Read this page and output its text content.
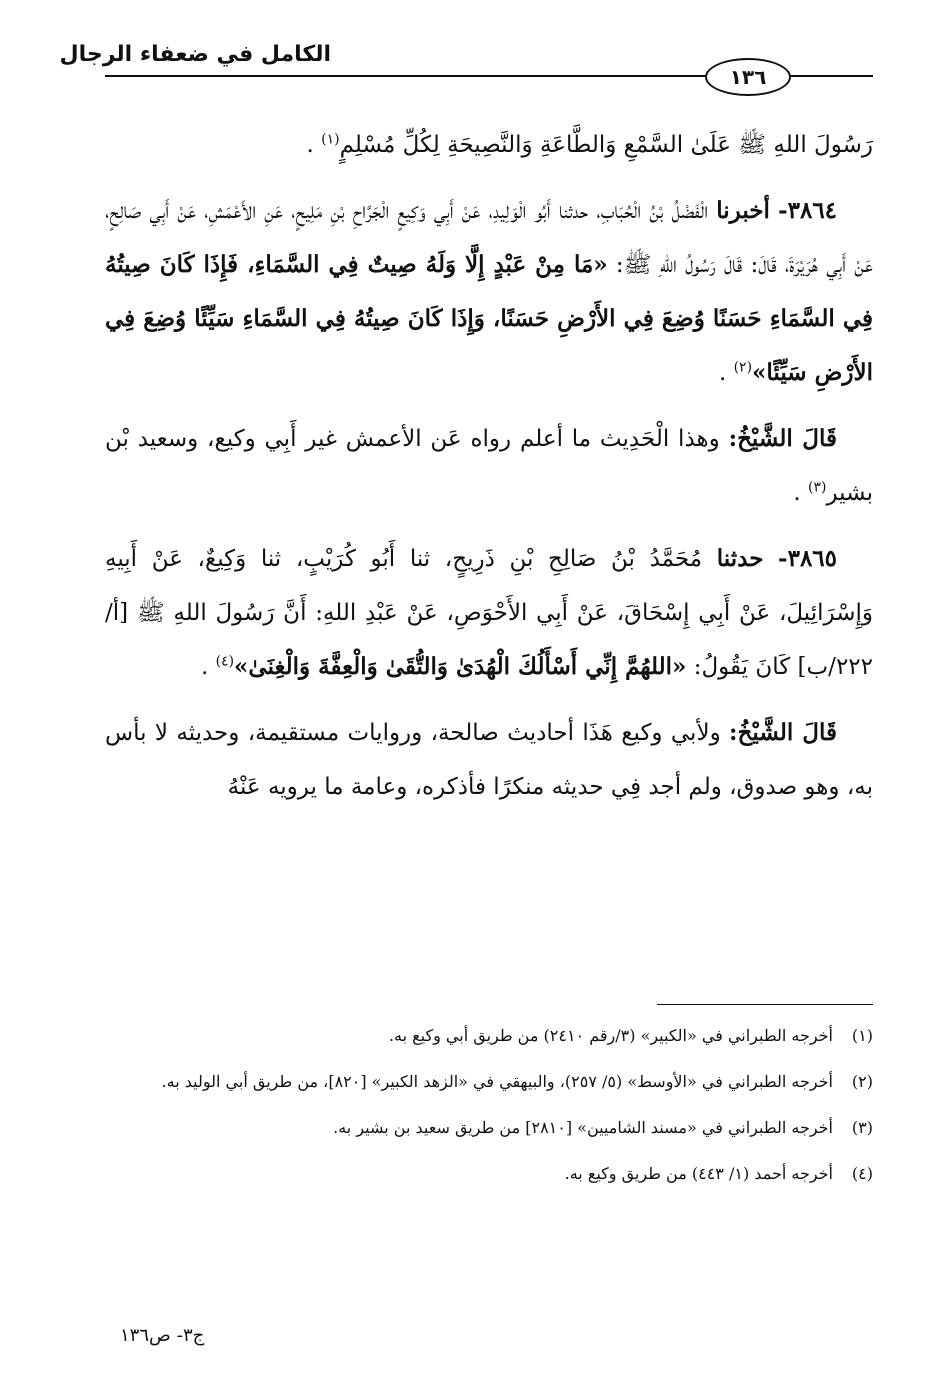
الكامل في ضعفاء الرجال
١٣٦

رَسُولَ اللهِ ﷺ عَلَىٰ السَّمْعِ وَالطَّاعَةِ وَالنَّصِيحَةِ لِكُلِّ مُسْلِمٍ$^{(١)}$ .

٣٨٦٤- أخبرنا الْفَضْلُ بْنُ الْحُبَابِ، حدثنا أَبُو الْوَلِيدِ، عَنْ أَبِي وَكِيعٍ الْجَرَّاحِ بْنِ مَلِيحٍ، عَنِ الأَعْمَشِ، عَنْ أَبِي صَالِحٍ، عَنْ أَبِي هُرَيْرَةَ، قَالَ: قَالَ رَسُولُ اللهِ ﷺ: «مَا مِنْ عَبْدٍ إِلَّا وَلَهُ صِيتٌ فِي السَّمَاءِ، فَإِذَا كَانَ صِيتُهُ فِي السَّمَاءِ حَسَنًا وُضِعَ فِي الأَرْضِ حَسَنًا، وَإِذَا كَانَ صِيتُهُ فِي السَّمَاءِ سَيِّئًا وُضِعَ فِي الأَرْضِ سَيِّئًا»$^{(٢)}$ .

قَالَ الشَّيْخُ: وهذا الْحَدِيث ما أعلم رواه عَن الأعمش غير أَبِي وكيع، وسعيد بْن بشير$^{(٣)}$ .

٣٨٦٥- حدثنا مُحَمَّدُ بْنُ صَالِحِ بْنِ ذَرِيحٍ، ثنا أَبُو كُرَيْبٍ، ثنا وَكِيعٌ، عَنْ أَبِيهِ وَإِسْرَائِيلَ، عَنْ أَبِي إِسْحَاقَ، عَنْ أَبِي الأَحْوَصِ، عَنْ عَبْدِ اللهِ: أَنَّ رَسُولَ اللهِ ﷺ [أ/٢٢٢/ب] كَانَ يَقُولُ: «اللهُمَّ إِنِّي أَسْأَلُكَ الْهُدَىٰ وَالتُّقَىٰ وَالْعِفَّةَ وَالْغِنَىٰ»$^{(٤)}$ .

قَالَ الشَّيْخُ: ولأبي وكيع هَذَا أحاديث صالحة، وروايات مستقيمة، وحديثه لا بأس به، وهو صدوق، ولم أجد فِي حديثه منكرًا فأذكره، وعامة ما يرويه عَنْهُ

(١)
أخرجه الطبراني في «الكبير» (٣/رقم ٢٤١٠) من طريق أبي وكيع به.
(٢)
أخرجه الطبراني في «الأوسط» (٥/ ٢٥٧)، والبيهقي في «الزهد الكبير» [٨٢٠]، من طريق أبي الوليد به.
(٣)
أخرجه الطبراني في «مسند الشاميين» [٢٨١٠] من طريق سعيد بن بشير به.
(٤)
أخرجه أحمد (١/ ٤٤٣) من طريق وكيع به.
ج٣- ص١٣٦
